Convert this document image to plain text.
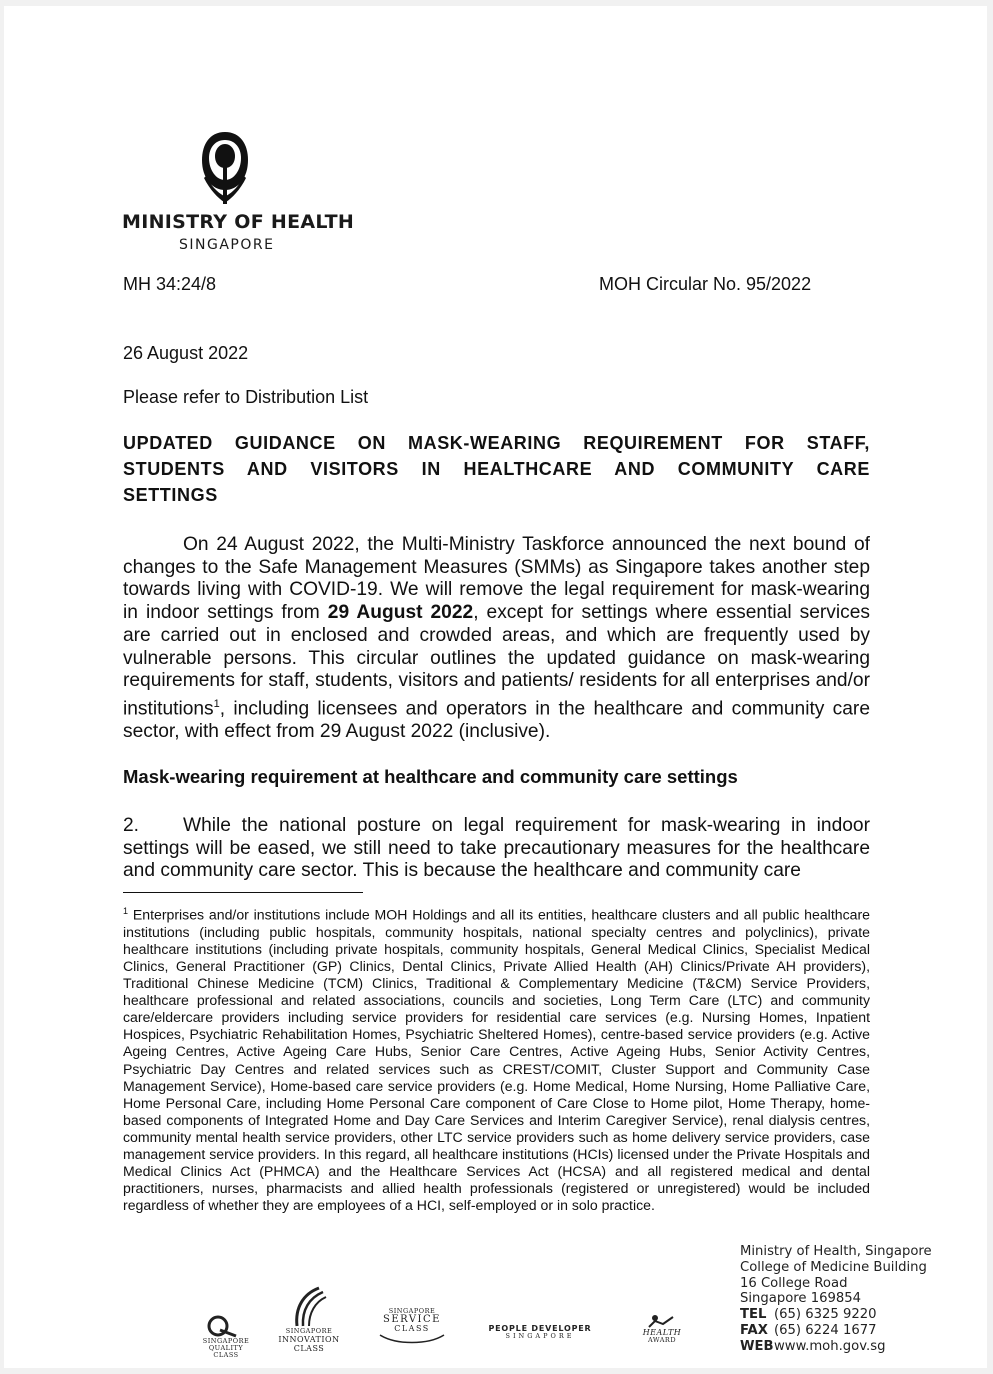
MINISTRY OF HEALTH
SINGAPORE
MH 34:24/8	MOH Circular No. 95/2022
26 August 2022
Please refer to Distribution List
UPDATED GUIDANCE ON MASK-WEARING REQUIREMENT FOR STAFF,
STUDENTS AND VISITORS IN HEALTHCARE AND COMMUNITY CARE
SETTINGS
On 24 August 2022, the Multi-Ministry Taskforce announced the next bound of changes to the Safe Management Measures (SMMs) as Singapore takes another step towards living with COVID-19. We will remove the legal requirement for mask-wearing in indoor settings from 29 August 2022, except for settings where essential services are carried out in enclosed and crowded areas, and which are frequently used by vulnerable persons. This circular outlines the updated guidance on mask-wearing requirements for staff, students, visitors and patients/ residents for all enterprises and/or institutions$^1$, including licensees and operators in the healthcare and community care sector, with effect from 29 August 2022 (inclusive).
Mask-wearing requirement at healthcare and community care settings
2. While the national posture on legal requirement for mask-wearing in indoor settings will be eased, we still need to take precautionary measures for the healthcare and community care sector. This is because the healthcare and community care
$^1$ Enterprises and/or institutions include MOH Holdings and all its entities, healthcare clusters and all public healthcare institutions (including public hospitals, community hospitals, national specialty centres and polyclinics), private healthcare institutions (including private hospitals, community hospitals, General Medical Clinics, Specialist Medical Clinics, General Practitioner (GP) Clinics, Dental Clinics, Private Allied Health (AH) Clinics/Private AH providers), Traditional Chinese Medicine (TCM) Clinics, Traditional & Complementary Medicine (T&CM) Service Providers, healthcare professional and related associations, councils and societies, Long Term Care (LTC) and community care/eldercare providers including service providers for residential care services (e.g. Nursing Homes, Inpatient Hospices, Psychiatric Rehabilitation Homes, Psychiatric Sheltered Homes), centre-based service providers (e.g. Active Ageing Centres, Active Ageing Care Hubs, Senior Care Centres, Active Ageing Hubs, Senior Activity Centres, Psychiatric Day Centres and related services such as CREST/COMIT, Cluster Support and Community Case Management Service), Home-based care service providers (e.g. Home Medical, Home Nursing, Home Palliative Care, Home Personal Care, including Home Personal Care component of Care Close to Home pilot, Home Therapy, home-based components of Integrated Home and Day Care Services and Interim Caregiver Service), renal dialysis centres, community mental health service providers, other LTC service providers such as home delivery service providers, case management service providers. In this regard, all healthcare institutions (HCIs) licensed under the Private Hospitals and Medical Clinics Act (PHMCA) and the Healthcare Services Act (HCSA) and all registered medical and dental practitioners, nurses, pharmacists and allied health professionals (registered or unregistered) would be included regardless of whether they are employees of a HCI, self-employed or in solo practice.
Ministry of Health, Singapore
College of Medicine Building
16 College Road
Singapore 169854
TEL (65) 6325 9220
FAX (65) 6224 1677
WEBwww.moh.gov.sg
SINGAPORE
QUALITY CLASS
SINGAPORE
INNOVATION
CLASS
SINGAPORE
SERVICE
CLASS	PEOPLE DEVELOPER
SINGAPORE	HEALTH
AWARD
